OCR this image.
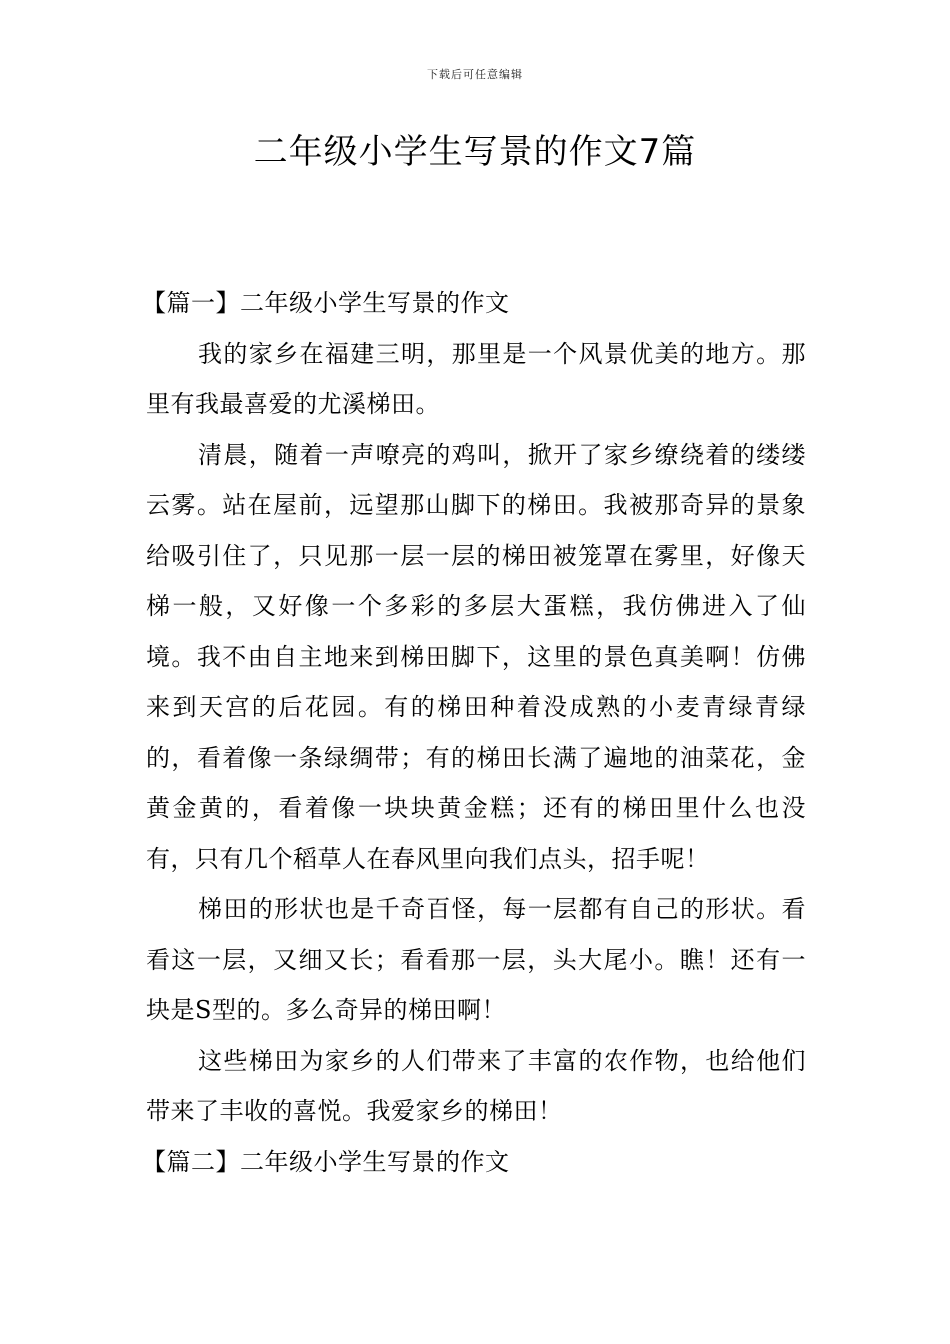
下载后可任意编辑
二年级小学生写景的作文7篇
【篇一】二年级小学生写景的作文

我的家乡在福建三明，那里是一个风景优美的地方。那里有我最喜爱的尤溪梯田。

清晨，随着一声嘹亮的鸡叫，掀开了家乡缭绕着的缕缕云雾。站在屋前，远望那山脚下的梯田。我被那奇异的景象给吸引住了，只见那一层一层的梯田被笼罩在雾里，好像天梯一般，又好像一个多彩的多层大蛋糕，我仿佛进入了仙境。我不由自主地来到梯田脚下，这里的景色真美啊！仿佛来到天宫的后花园。有的梯田种着没成熟的小麦青绿青绿的，看着像一条绿绸带；有的梯田长满了遍地的油菜花，金黄金黄的，看着像一块块黄金糕；还有的梯田里什么也没有，只有几个稻草人在春风里向我们点头，招手呢！

梯田的形状也是千奇百怪，每一层都有自己的形状。看看这一层，又细又长；看看那一层，头大尾小。瞧！还有一块是S型的。多么奇异的梯田啊！

这些梯田为家乡的人们带来了丰富的农作物，也给他们带来了丰收的喜悦。我爱家乡的梯田！

【篇二】二年级小学生写景的作文
